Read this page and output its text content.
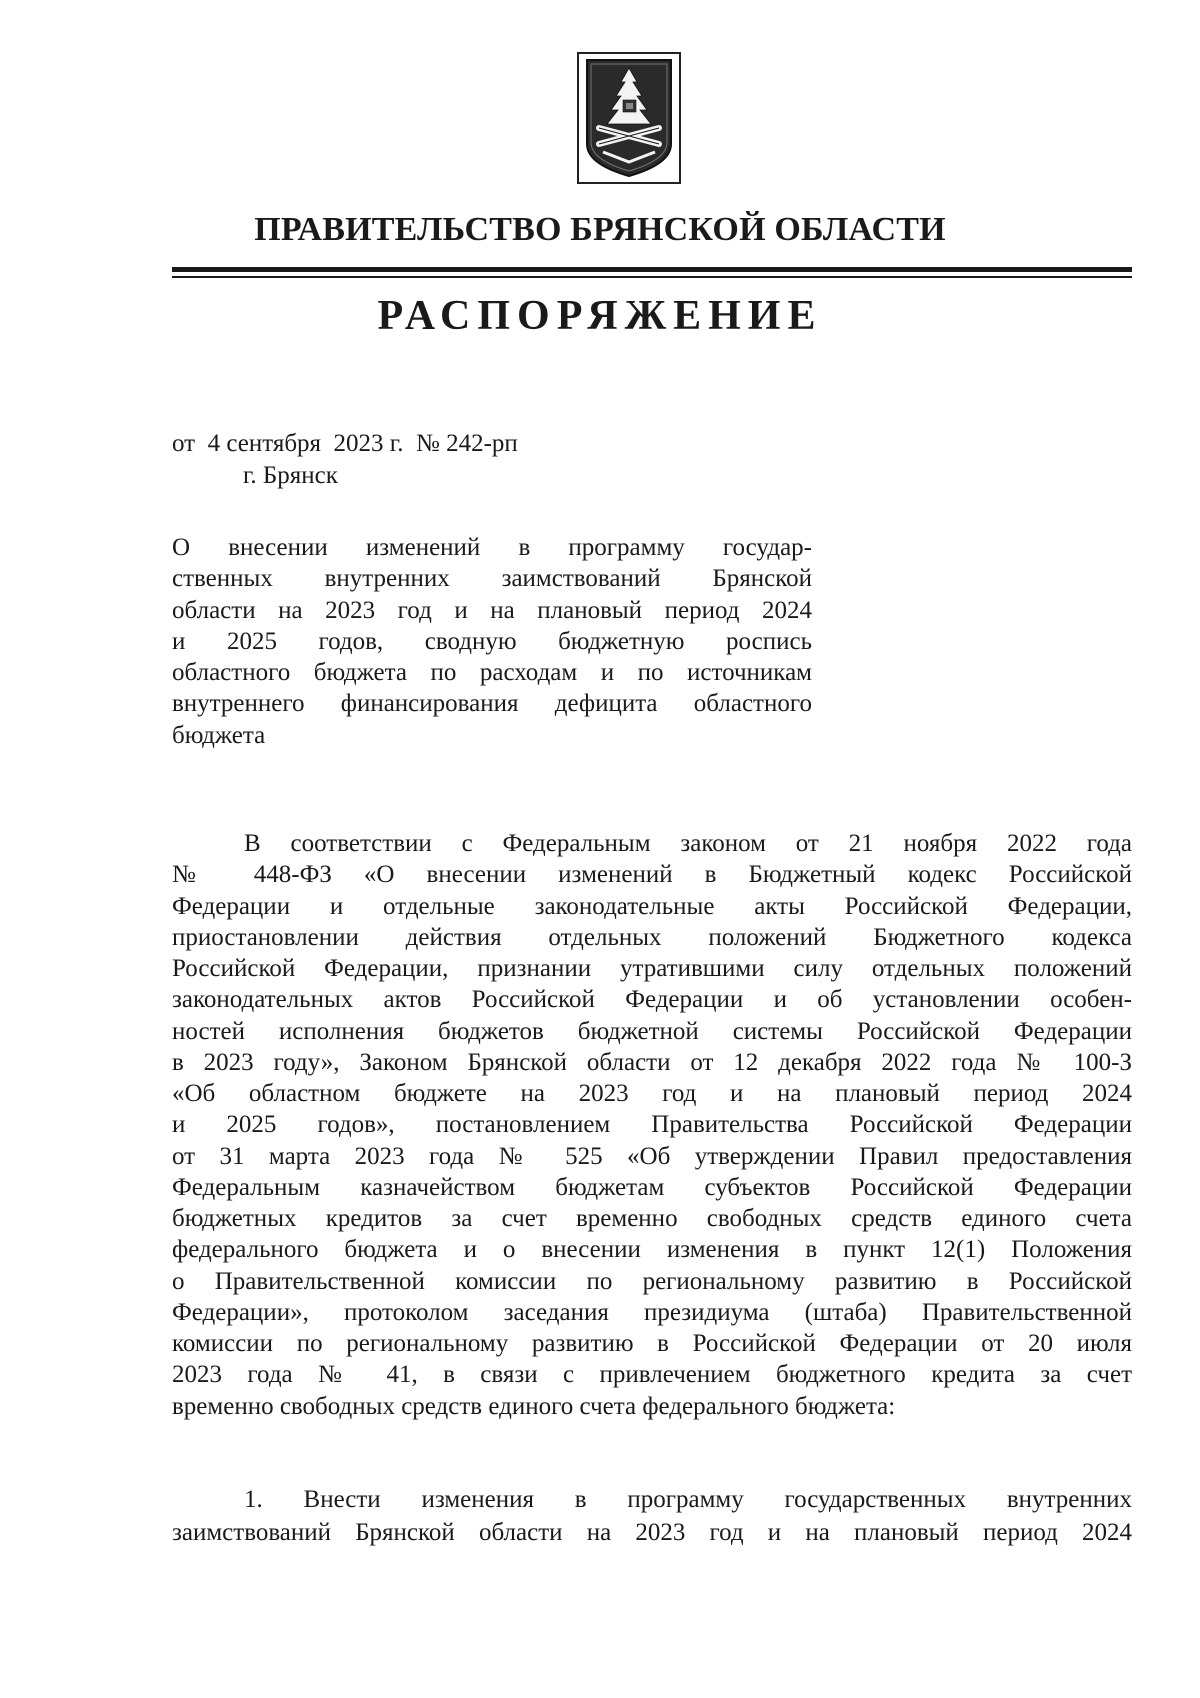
ПРАВИТЕЛЬСТВО БРЯНСКОЙ ОБЛАСТИ
РАСПОРЯЖЕНИЕ
от  4 сентября  2023 г.  № 242-рп
г. Брянск
О внесении изменений в программу государ-
ственных внутренних заимствований Брянской
области на 2023 год и на плановый период 2024
и 2025 годов, сводную бюджетную роспись
областного бюджета по расходам и по источникам
внутреннего финансирования дефицита областного
бюджета
В соответствии с Федеральным законом от 21 ноября 2022 года
№ 448-ФЗ «О внесении изменений в Бюджетный кодекс Российской
Федерации и отдельные законодательные акты Российской Федерации,
приостановлении действия отдельных положений Бюджетного кодекса
Российской Федерации, признании утратившими силу отдельных положений
законодательных актов Российской Федерации и об установлении особен-
ностей исполнения бюджетов бюджетной системы Российской Федерации
в 2023 году», Законом Брянской области от 12 декабря 2022 года № 100-З
«Об областном бюджете на 2023 год и на плановый период 2024
и 2025 годов», постановлением Правительства Российской Федерации
от 31 марта 2023 года № 525 «Об утверждении Правил предоставления
Федеральным казначейством бюджетам субъектов Российской Федерации
бюджетных кредитов за счет временно свободных средств единого счета
федерального бюджета и о внесении изменения в пункт 12(1) Положения
о Правительственной комиссии по региональному развитию в Российской
Федерации», протоколом заседания президиума (штаба) Правительственной
комиссии по региональному развитию в Российской Федерации от 20 июля
2023 года № 41, в связи с привлечением бюджетного кредита за счет
временно свободных средств единого счета федерального бюджета:
1. Внести изменения в программу государственных внутренних
заимствований Брянской области на 2023 год и на плановый период 2024
